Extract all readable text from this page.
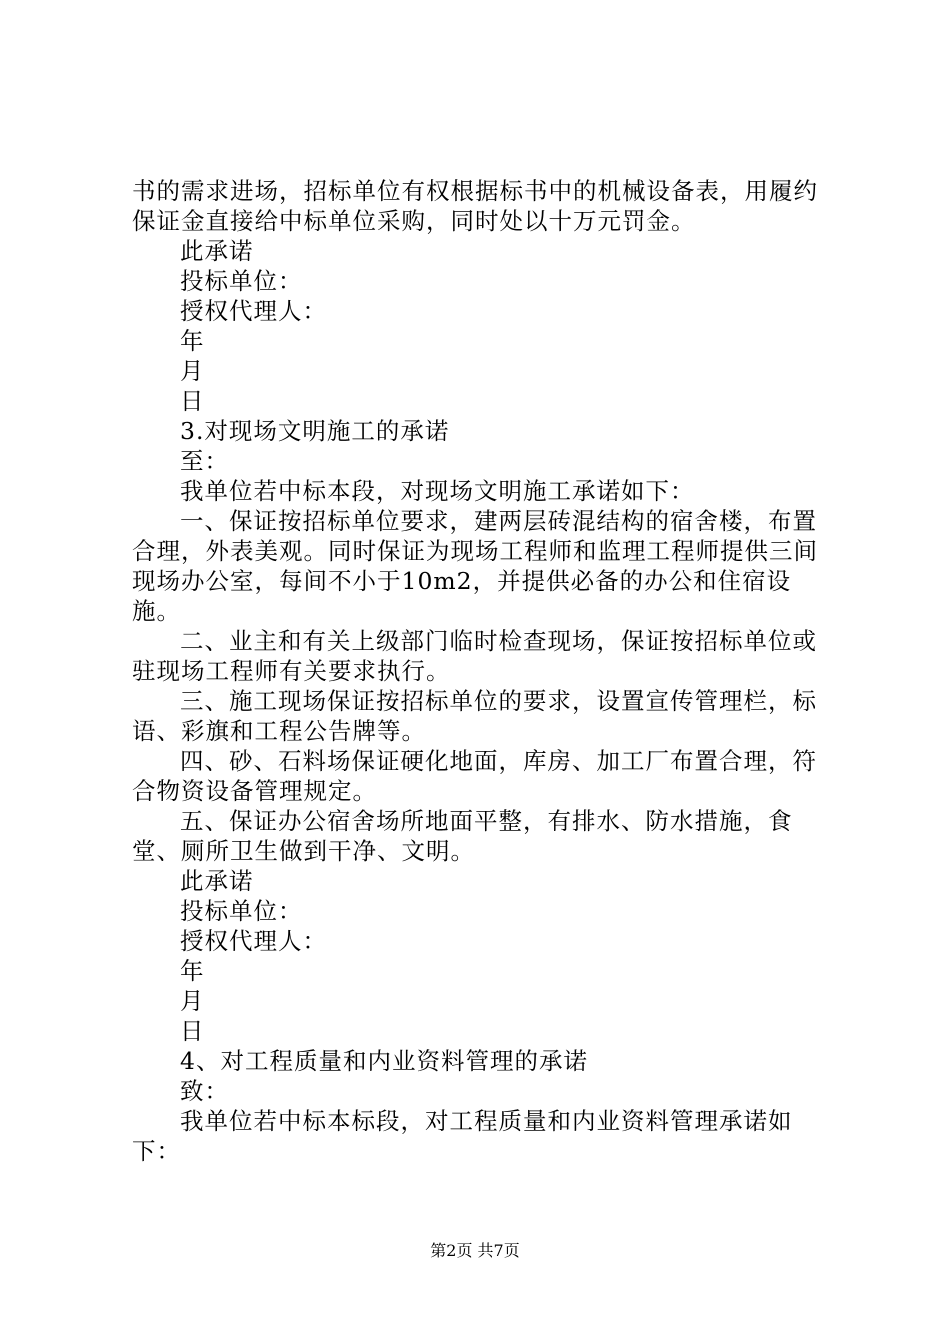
书的需求进场，招标单位有权根据标书中的机械设备表，用履约保证金直接给中标单位采购，同时处以十万元罚金。

此承诺

投标单位：

授权代理人：

年

月

日

3.对现场文明施工的承诺

至：

我单位若中标本段，对现场文明施工承诺如下：

一、保证按招标单位要求，建两层砖混结构的宿舍楼，布置合理，外表美观。同时保证为现场工程师和监理工程师提供三间现场办公室，每间不小于10m2，并提供必备的办公和住宿设施。

二、业主和有关上级部门临时检查现场，保证按招标单位或驻现场工程师有关要求执行。

三、施工现场保证按招标单位的要求，设置宣传管理栏，标语、彩旗和工程公告牌等。

四、砂、石料场保证硬化地面，库房、加工厂布置合理，符合物资设备管理规定。

五、保证办公宿舍场所地面平整，有排水、防水措施，食堂、厕所卫生做到干净、文明。

此承诺

投标单位：

授权代理人：

年

月

日

4、对工程质量和内业资料管理的承诺

致：

我单位若中标本标段，对工程质量和内业资料管理承诺如下：

第2页 共7页
